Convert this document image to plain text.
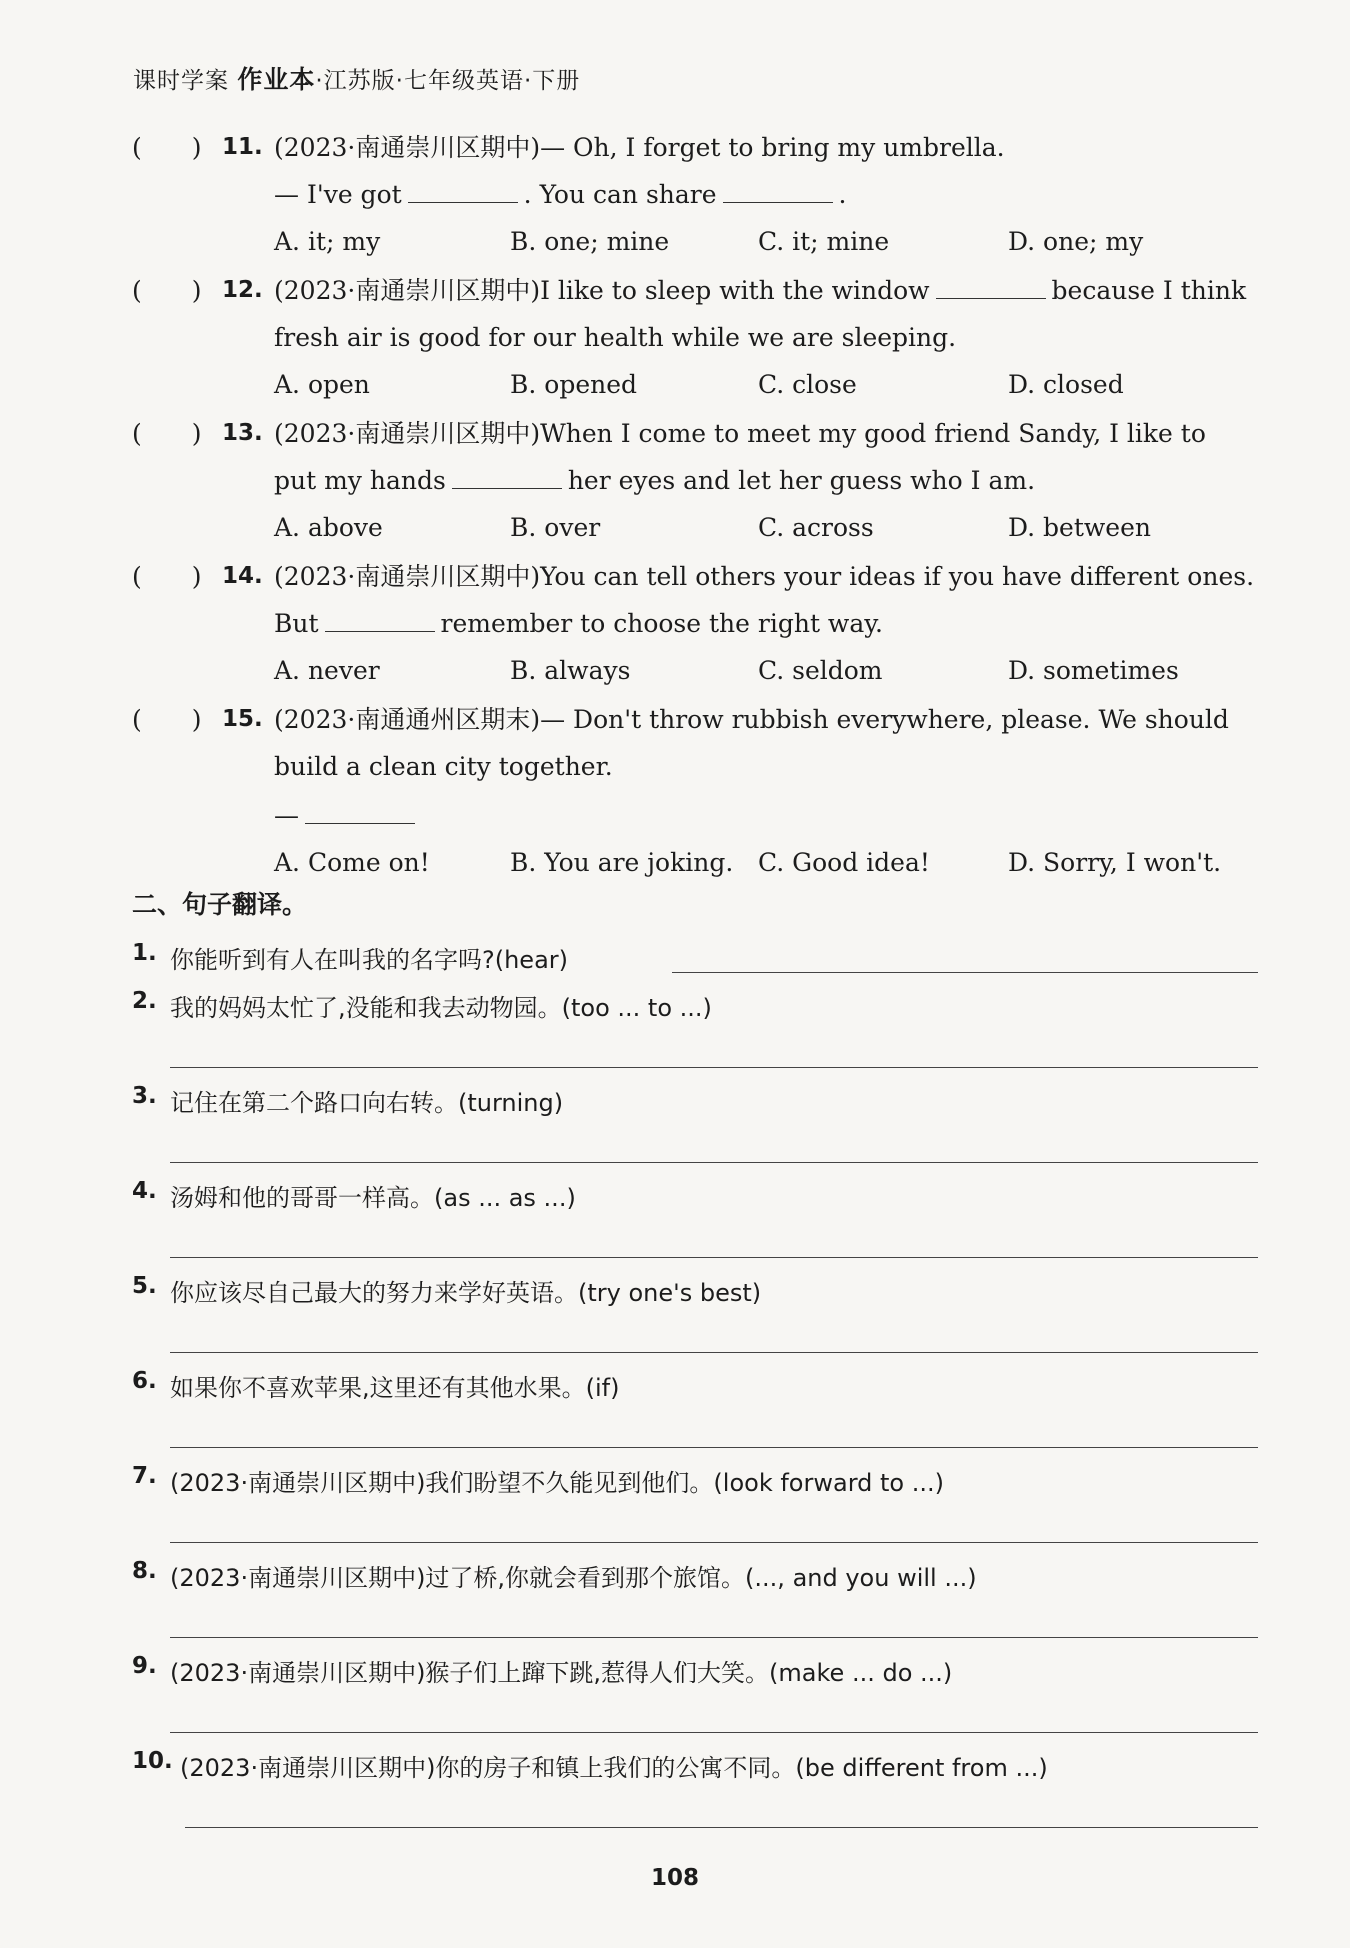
课时学案 作业本·江苏版·七年级英语·下册
(　　) 11. (2023·南通崇川区期中)— Oh, I forget to bring my umbrella.
— I've got	. You can share	.
A. it; my	B. one; mine	C. it; mine	D. one; my
(　　) 12. (2023·南通崇川区期中)I like to sleep with the window	because I think
fresh air is good for our health while we are sleeping.
A. open	B. opened	C. close	D. closed
(　　) 13. (2023·南通崇川区期中)When I come to meet my good friend Sandy, I like to
put my hands	her eyes and let her guess who I am.
A. above	B. over	C. across	D. between
(　　) 14. (2023·南通崇川区期中)You can tell others your ideas if you have different ones.
But	remember to choose the right way.
A. never	B. always	C. seldom	D. sometimes
(　　) 15. (2023·南通通州区期末)— Don't throw rubbish everywhere, please. We should
build a clean city together.
—
A. Come on!	B. You are joking. C. Good idea!	D. Sorry, I won't.
二、句子翻译。
1. 你能听到有人在叫我的名字吗?(hear)
2. 我的妈妈太忙了,没能和我去动物园。(too ... to ...)
3. 记住在第二个路口向右转。(turning)
4. 汤姆和他的哥哥一样高。(as ... as ...)
5. 你应该尽自己最大的努力来学好英语。(try one's best)
6. 如果你不喜欢苹果,这里还有其他水果。(if)
7. (2023·南通崇川区期中)我们盼望不久能见到他们。(look forward to ...)
8. (2023·南通崇川区期中)过了桥,你就会看到那个旅馆。(..., and you will ...)
9. (2023·南通崇川区期中)猴子们上蹿下跳,惹得人们大笑。(make ... do ...)
10. (2023·南通崇川区期中)你的房子和镇上我们的公寓不同。(be different from ...)
108
